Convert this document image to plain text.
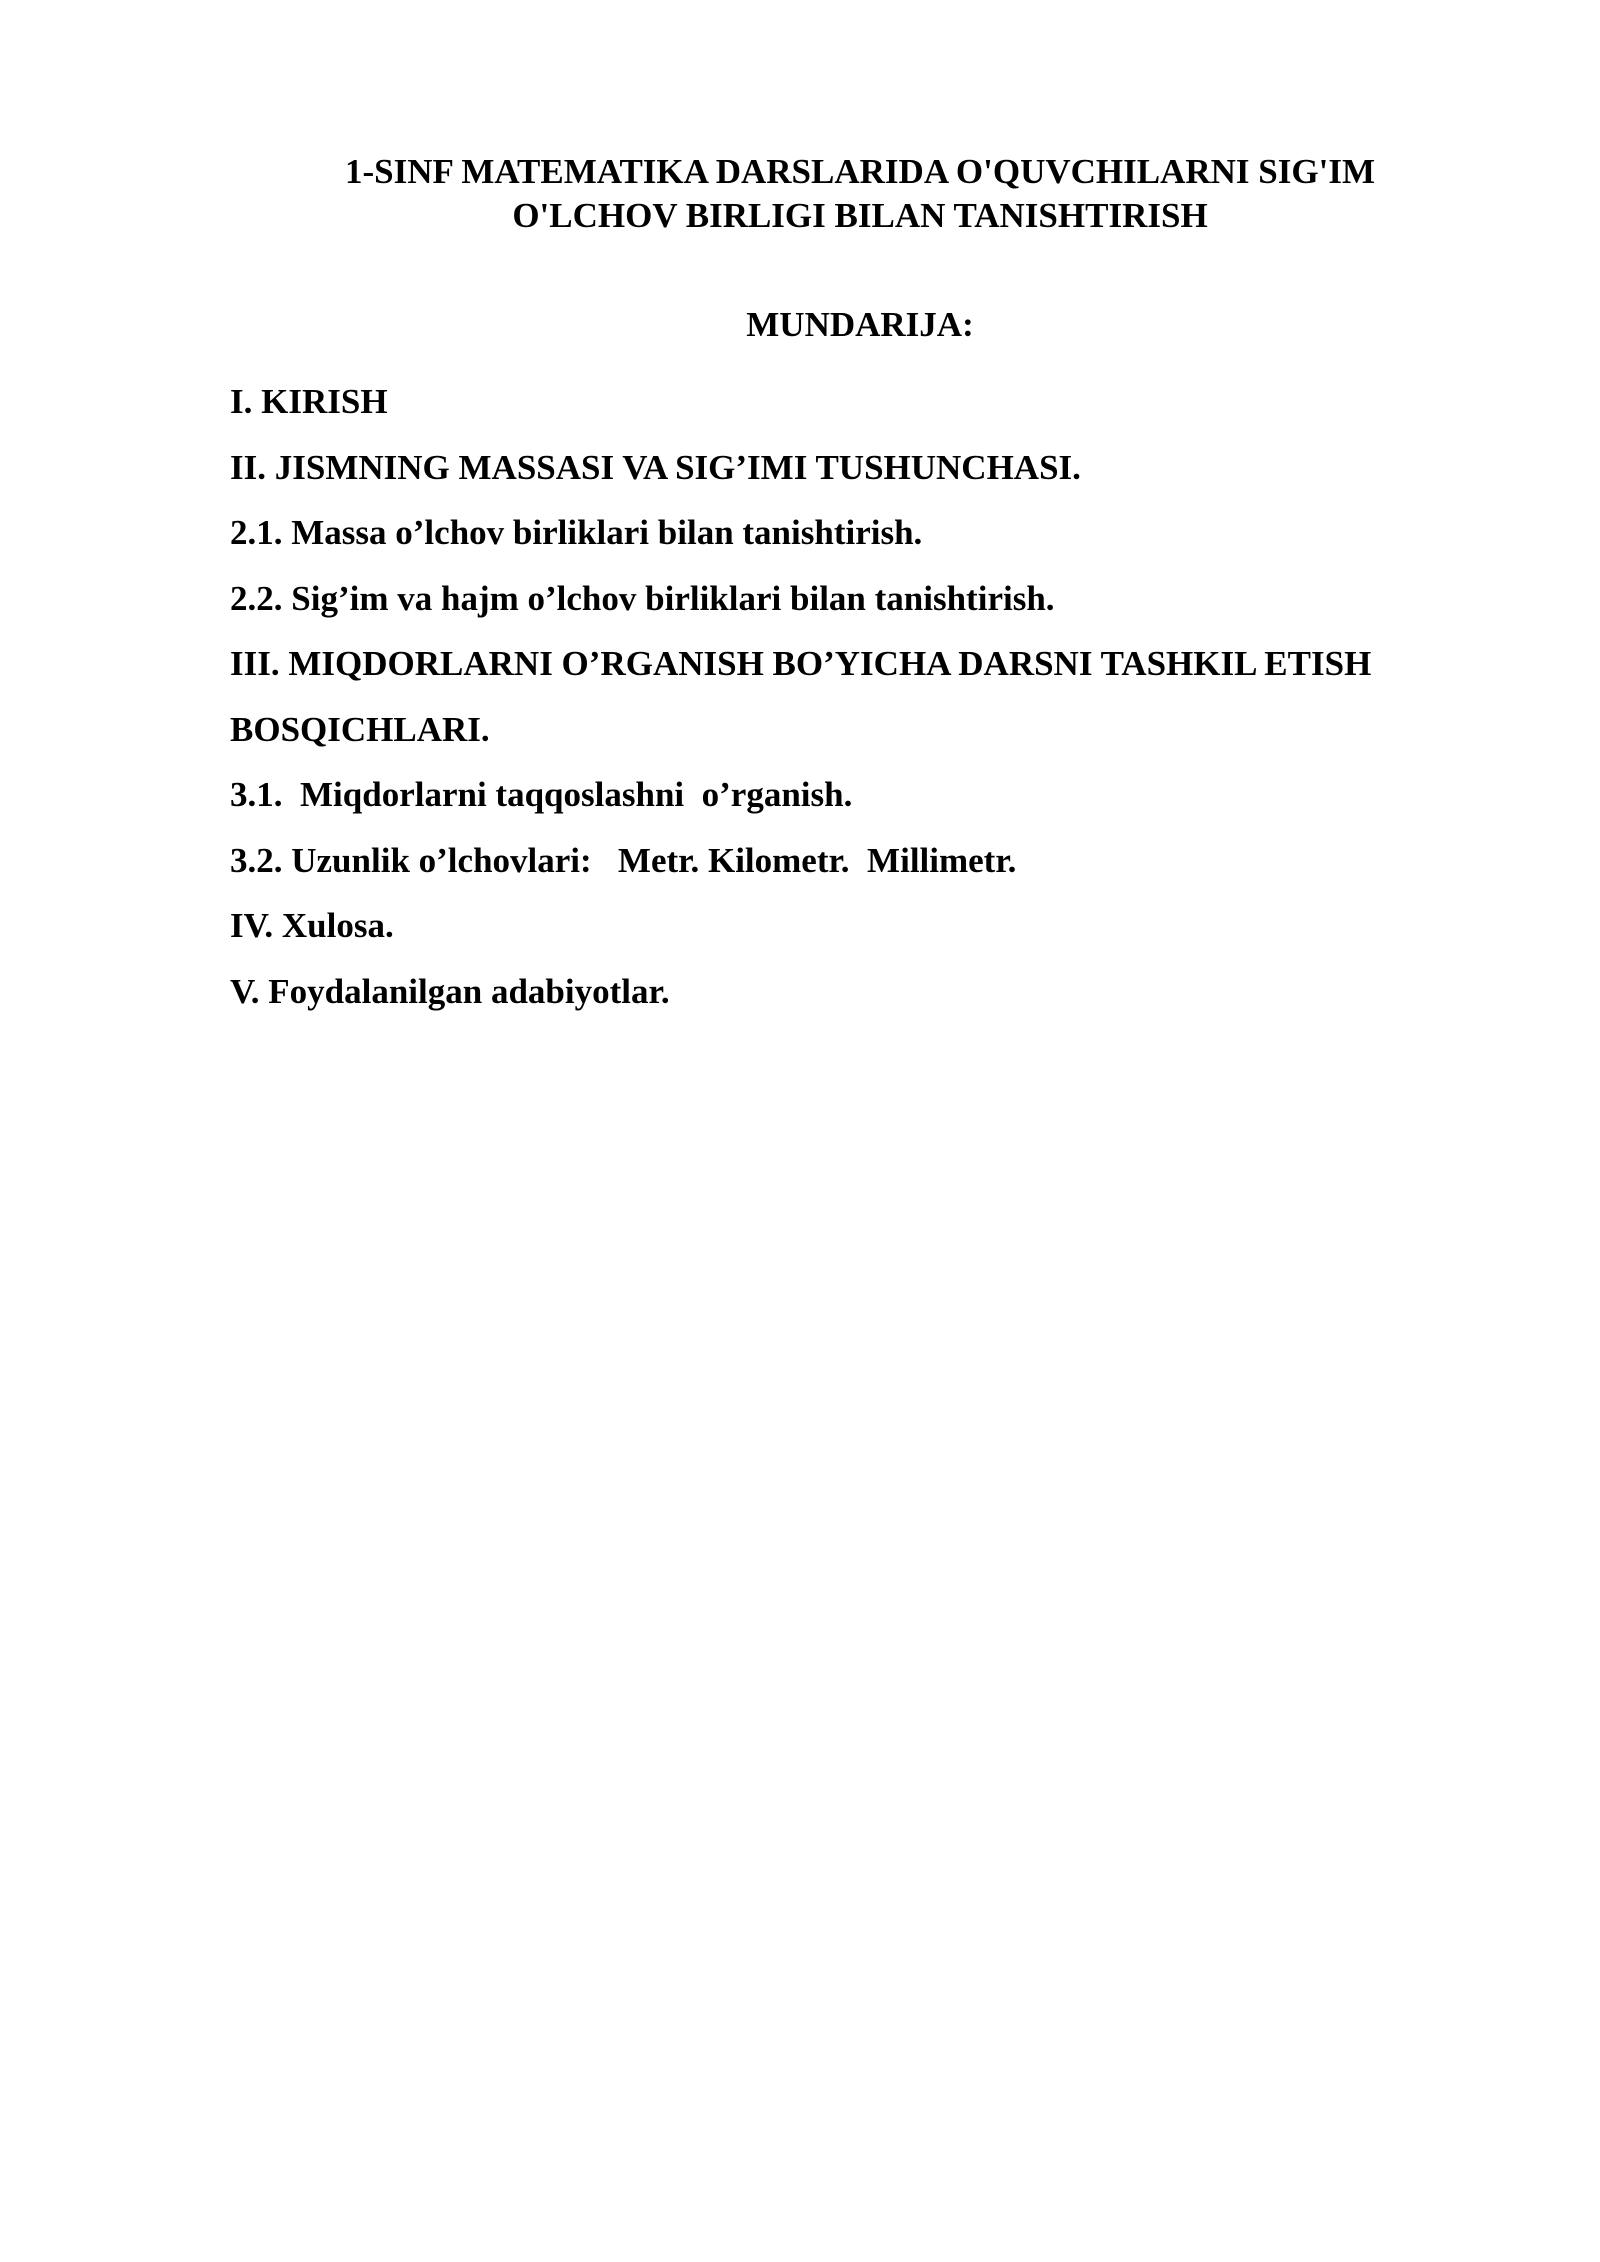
1-SINF MATEMATIKA DARSLARIDA O'QUVCHILARNI SIG'IM
O'LCHOV BIRLIGI BILAN TANISHTIRISH
MUNDARIJA:
I. KIRISH
II. JISMNING MASSASI VA SIG’IMI TUSHUNCHASI.
2.1. Massa o’lchov birliklari bilan tanishtirish.
2.2. Sig’im va hajm o’lchov birliklari bilan tanishtirish.
III. MIQDORLARNI O’RGANISH BO’YICHA DARSNI TASHKIL ETISH
BOSQICHLARI.
3.1.  Miqdorlarni taqqoslashni  o’rganish.
3.2. Uzunlik o’lchovlari:   Metr. Kilometr.  Millimetr.
IV. Xulosa.
V. Foydalanilgan adabiyotlar.
